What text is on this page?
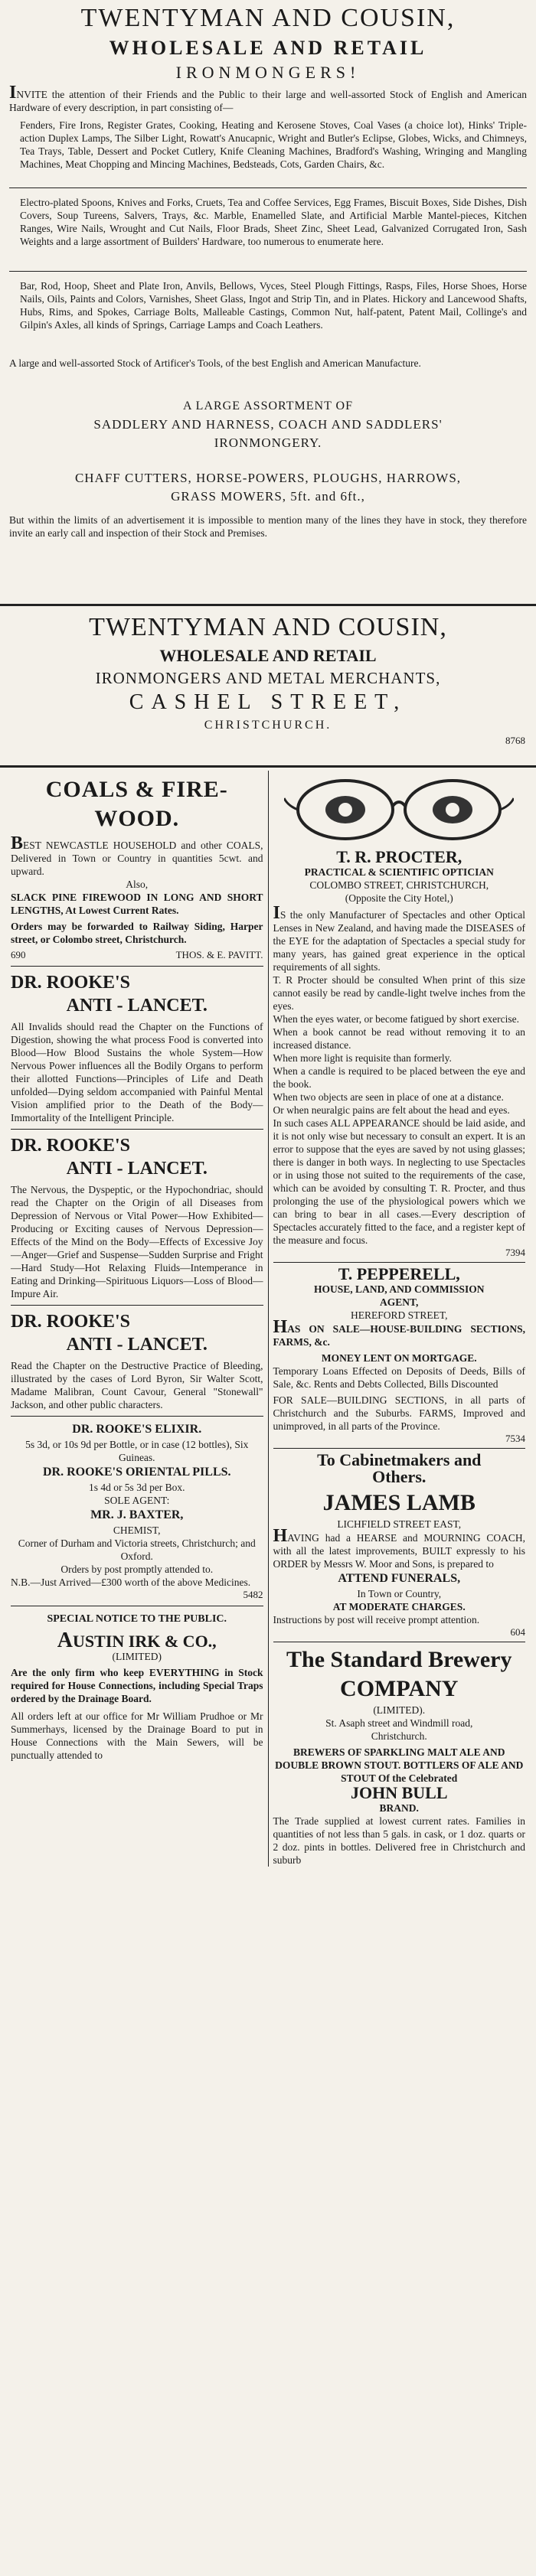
TWENTYMAN AND COUSIN,
WHOLESALE AND RETAIL
IRONMONGERS!

INVITE the attention of their Friends and the Public to their large and well-assorted Stock of English and American Hardware of every description, in part consisting of—

Fenders, Fire Irons, Register Grates, Cooking, Heating and Kerosene Stoves, Coal Vases (a choice lot), Hinks' Triple-action Duplex Lamps, The Silber Light, Rowatt's Anucapnic, Wright and Butler's Eclipse, Globes, Wicks, and Chimneys, Tea Trays, Table, Dessert and Pocket Cutlery, Knife Cleaning Machines, Bradford's Washing, Wringing and Mangling Machines, Meat Chopping and Mincing Machines, Bedsteads, Cots, Garden Chairs, &c.

Electro-plated Spoons, Knives and Forks, Cruets, Tea and Coffee Services, Egg Frames, Biscuit Boxes, Side Dishes, Dish Covers, Soup Tureens, Salvers, Trays, &c. Marble, Enamelled Slate, and Artificial Marble Mantel-pieces, Kitchen Ranges, Wire Nails, Wrought and Cut Nails, Floor Brads, Sheet Zinc, Sheet Lead, Galvanized Corrugated Iron, Sash Weights and a large assortment of Builders' Hardware, too numerous to enumerate here.

Bar, Rod, Hoop, Sheet and Plate Iron, Anvils, Bellows, Vyces, Steel Plough Fittings, Rasps, Files, Horse Shoes, Horse Nails, Oils, Paints and Colors, Varnishes, Sheet Glass, Ingot and Strip Tin, and in Plates. Hickory and Lancewood Shafts, Hubs, Rims, and Spokes, Carriage Bolts, Malleable Castings, Common Nut, half-patent, Patent Mail, Collinge's and Gilpin's Axles, all kinds of Springs, Carriage Lamps and Coach Leathers.

A large and well-assorted Stock of Artificer's Tools, of the best English and American Manufacture.

A LARGE ASSORTMENT OF
SADDLERY AND HARNESS, COACH AND SADDLERS'
IRONMONGERY.
CHAFF CUTTERS, HORSE-POWERS, PLOUGHS, HARROWS,
GRASS MOWERS, 5ft. and 6ft.,

But within the limits of an advertisement it is impossible to mention many of the lines they have in stock, they therefore invite an early call and inspection of their Stock and Premises.

TWENTYMAN AND COUSIN,
WHOLESALE AND RETAIL
IRONMONGERS AND METAL MERCHANTS,
CASHEL STREET,
CHRISTCHURCH.
8768
COALS & FIRE-WOOD.

BEST NEWCASTLE HOUSEHOLD and other COALS, Delivered in Town or Country in quantities 5cwt. and upward.

Also,

SLACK PINE FIREWOOD IN LONG AND SHORT LENGTHS, At Lowest Current Rates.

Orders may be forwarded to Railway Siding, Harper street, or Colombo street, Christchurch.

690	THOS. & E. PAVITT.
DR. ROOKE'S
ANTI - LANCET.

All Invalids should read the Chapter on the Functions of Digestion, showing the what process Food is converted into Blood—How Blood Sustains the whole System—How Nervous Power influences all the Bodily Organs to perform their allotted Functions—Principles of Life and Death unfolded—Dying seldom accompanied with Painful Mental Vision amplified prior to the Death of the Body—Immortality of the Intelligent Principle.

DR. ROOKE'S
ANTI - LANCET.

The Nervous, the Dyspeptic, or the Hypochondriac, should read the Chapter on the Origin of all Diseases from Depression of Nervous or Vital Power—How Exhibited—Producing or Exciting causes of Nervous Depression—Effects of the Mind on the Body—Effects of Excessive Joy—Anger—Grief and Suspense—Sudden Surprise and Fright—Hard Study—Hot Relaxing Fluids—Intemperance in Eating and Drinking—Spirituous Liquors—Loss of Blood—Impure Air.

DR. ROOKE'S
ANTI - LANCET.

Read the Chapter on the Destructive Practice of Bleeding, illustrated by the cases of Lord Byron, Sir Walter Scott, Madame Malibran, Count Cavour, General "Stonewall" Jackson, and other public characters.

DR. ROOKE'S ELIXIR.

5s 3d, or 10s 9d per Bottle, or in case (12 bottles), Six Guineas.

DR. ROOKE'S ORIENTAL PILLS.

1s 4d or 5s 3d per Box.

SOLE AGENT:

MR. J. BAXTER,

CHEMIST,

Corner of Durham and Victoria streets, Christchurch; and Oxford.

Orders by post promptly attended to.

N.B.—Just Arrived—£300 worth of the above Medicines.

5482
SPECIAL NOTICE TO THE PUBLIC.
AUSTIN IRK & CO.,

(LIMITED)

Are the only firm who keep EVERYTHING in Stock required for House Connections, including Special Traps ordered by the Drainage Board.

All orders left at our office for Mr William Prudhoe or Mr Summerhays, licensed by the Drainage Board to put in House Connections with the Main Sewers, will be punctually attended to

T. R. PROCTER,

PRACTICAL & SCIENTIFIC OPTICIAN

COLOMBO STREET, CHRISTCHURCH,

(Opposite the City Hotel,)

IS the only Manufacturer of Spectacles and other Optical Lenses in New Zealand, and having made the DISEASES of the EYE for the adaptation of Spectacles a special study for many years, has gained great experience in the optical requirements of all sights.

T. R Procter should be consulted When print of this size cannot easily be read by candle-light twelve inches from the eyes.

When the eyes water, or become fatigued by short exercise.

When a book cannot be read without removing it to an increased distance.

When more light is requisite than formerly.

When a candle is required to be placed between the eye and the book.

When two objects are seen in place of one at a distance.

Or when neuralgic pains are felt about the head and eyes.

In such cases ALL APPEARANCE should be laid aside, and it is not only wise but necessary to consult an expert. It is an error to suppose that the eyes are saved by not using glasses; there is danger in both ways. In neglecting to use Spectacles or in using those not suited to the requirements of the case, which can be avoided by consulting T. R. Procter, and thus prolonging the use of the physiological powers which we can bring to bear in all cases.—Every description of Spectacles accurately fitted to the face, and a register kept of the measure and focus.

7394
T. PEPPERELL,

HOUSE, LAND, AND COMMISSION

AGENT,

HEREFORD STREET,

HAS ON SALE—HOUSE-BUILDING SECTIONS, FARMS, &c.

MONEY LENT ON MORTGAGE.

Temporary Loans Effected on Deposits of Deeds, Bills of Sale, &c. Rents and Debts Collected, Bills Discounted

FOR SALE—BUILDING SECTIONS, in all parts of Christchurch and the Suburbs. FARMS, Improved and unimproved, in all parts of the Province.

7534
To Cabinetmakers and
Others.
JAMES LAMB

LICHFIELD STREET EAST,

HAVING had a HEARSE and MOURNING COACH, with all the latest improvements, BUILT expressly to his ORDER by Messrs W. Moor and Sons, is prepared to

ATTEND FUNERALS,

In Town or Country,

AT MODERATE CHARGES.

Instructions by post will receive prompt attention.

604
The Standard Brewery
COMPANY

(LIMITED).

St. Asaph street and Windmill road,

Christchurch.

BREWERS OF SPARKLING MALT ALE AND DOUBLE BROWN STOUT. BOTTLERS OF ALE AND STOUT Of the Celebrated

JOHN BULL

BRAND.

The Trade supplied at lowest current rates. Families in quantities of not less than 5 gals. in cask, or 1 doz. quarts or 2 doz. pints in bottles. Delivered free in Christchurch and suburb
